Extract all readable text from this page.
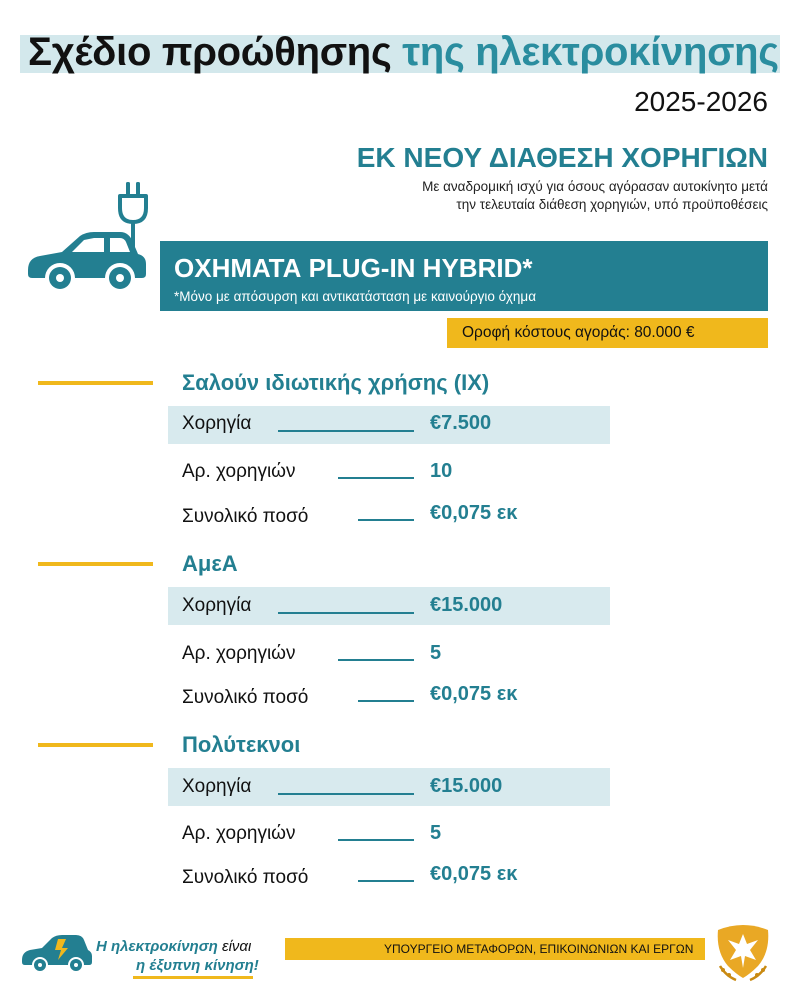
Σχέδιο προώθησης της ηλεκτροκίνησης
2025-2026
ΕΚ ΝΕΟΥ ΔΙΑΘΕΣΗ ΧΟΡΗΓΙΩΝ
Με αναδρομική ισχύ για όσους αγόρασαν αυτοκίνητο μετά
την τελευταία διάθεση χορηγιών, υπό προϋποθέσεις
ΟΧΗΜΑΤΑ PLUG-IN HYBRID*
*Μόνο με απόσυρση και αντικατάσταση με καινούργιο όχημα
Οροφή κόστους αγοράς: 80.000 €
Σαλούν ιδιωτικής χρήσης (ΙΧ)
Χορηγία	€7.500
Αρ. χορηγιών	10
Συνολικό ποσό	€0,075 εκ
ΑμεΑ
Χορηγία	€15.000
Αρ. χορηγιών	5
Συνολικό ποσό	€0,075 εκ
Πολύτεκνοι
Χορηγία	€15.000
Αρ. χορηγιών	5
Συνολικό ποσό	€0,075 εκ
Η ηλεκτροκίνηση είναι
η έξυπνη κίνηση!
ΥΠΟΥΡΓΕΙΟ ΜΕΤΑΦΟΡΩΝ, ΕΠΙΚΟΙΝΩΝΙΩΝ ΚΑΙ ΕΡΓΩΝ
